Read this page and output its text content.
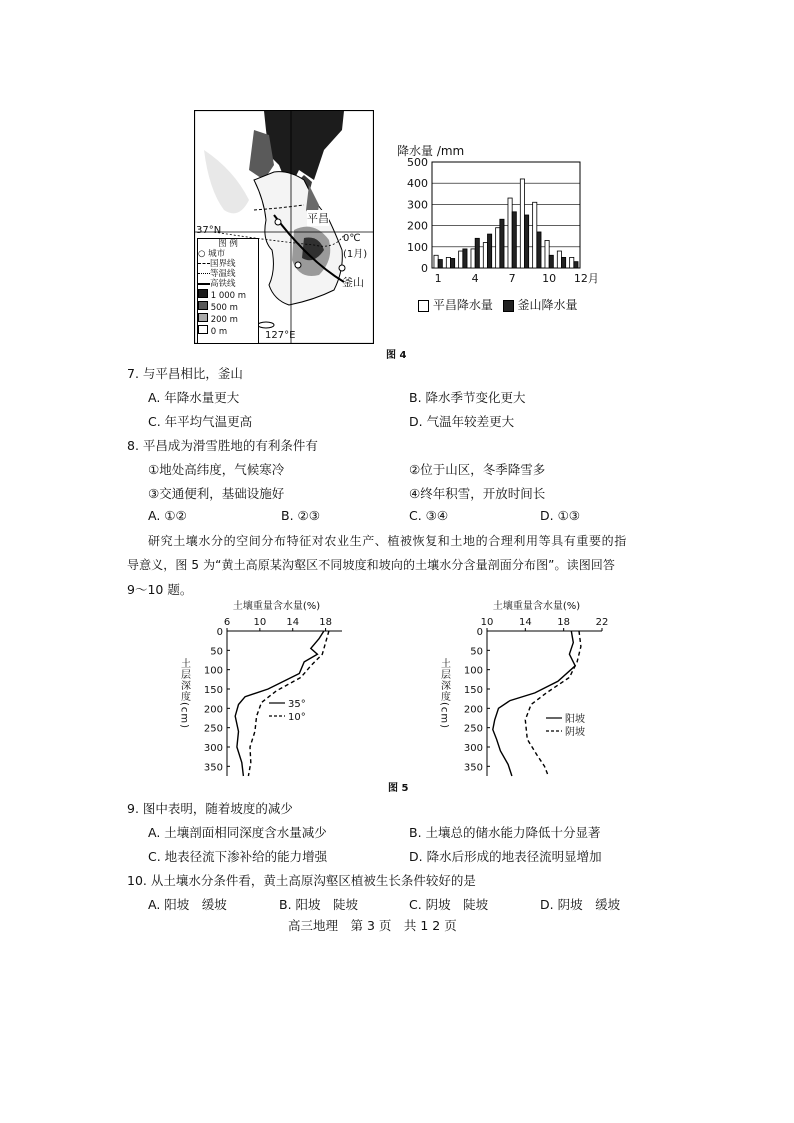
37°N
127°E
0℃
(1月)
平昌
釜山
图 例
○ 城市
国界线
等温线
高铁线
1 000 m
500 m
200 m
0 m
0
100
200
300
400
500
1	4	7 10 12月
降水量 /mm
平昌降水量 釜山降水量
图 4
7. 与平昌相比，釜山
A. 年降水量更大	B. 降水季节变化更大
C. 年平均气温更高	D. 气温年较差更大
8. 平昌成为滑雪胜地的有利条件有
①地处高纬度，气候寒冷	②位于山区，冬季降雪多
③交通便利，基础设施好	④终年积雪，开放时间长
A. ①②	B. ②③	C. ③④	D. ①③
研究土壤水分的空间分布特征对农业生产、植被恢复和土地的合理利用等具有重要的指
导意义，图 5 为“黄土高原某沟壑区不同坡度和坡向的土壤水分含量剖面分布图”。读图回答
9～10 题。
土壤重量含水量(%)
6 10 14 18
0
50
100
150
200
250
300
350
土层深度(cm)	35°
10°
土壤重量含水量(%)
10	14	18	22
0
50
100
150
200
250
300
350
土层深度(cm)	阳坡
阴坡
图 5
9. 图中表明，随着坡度的减少
A. 土壤剖面相同深度含水量减少	B. 土壤总的储水能力降低十分显著
C. 地表径流下渗补给的能力增强	D. 降水后形成的地表径流明显增加
10. 从土壤水分条件看，黄土高原沟壑区植被生长条件较好的是
A. 阳坡　缓坡	B. 阳坡　陡坡	C. 阴坡　陡坡	D. 阴坡　缓坡
高三地理　第 3 页　共 1 2 页
